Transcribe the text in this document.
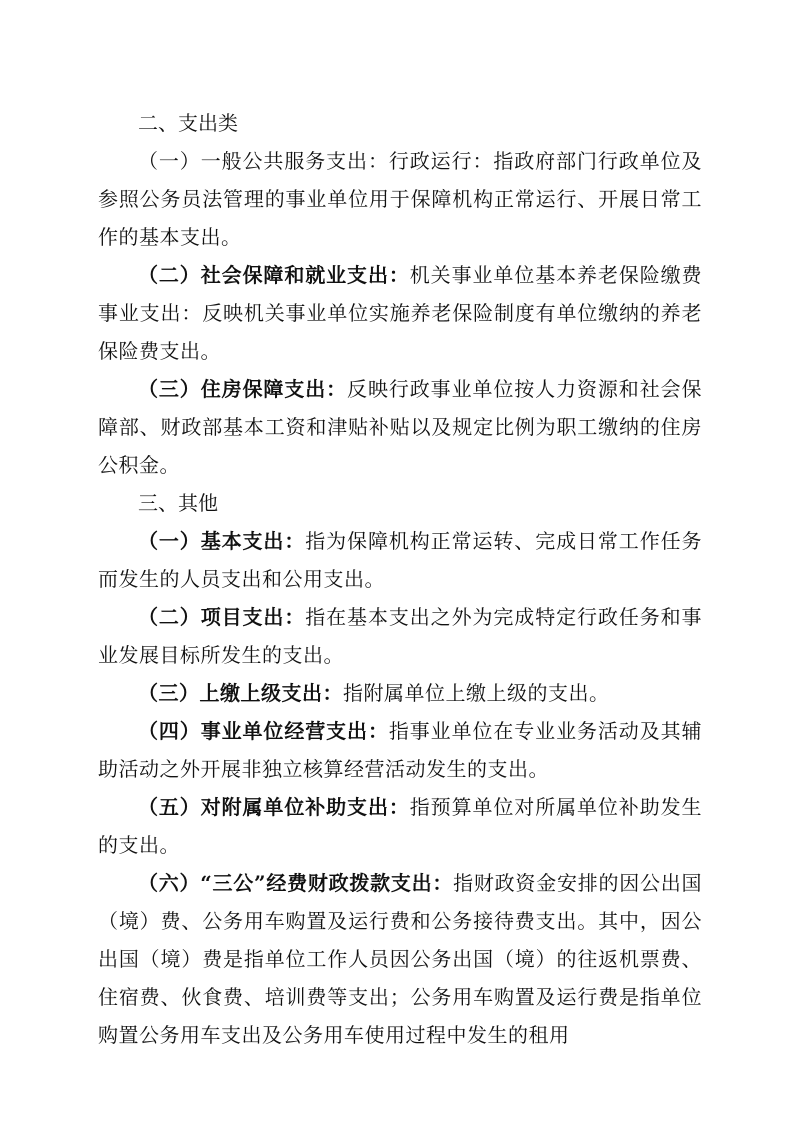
二、支出类

（一）一般公共服务支出：行政运行：指政府部门行政单位及参照公务员法管理的事业单位用于保障机构正常运行、开展日常工作的基本支出。

（二）社会保障和就业支出：机关事业单位基本养老保险缴费事业支出：反映机关事业单位实施养老保险制度有单位缴纳的养老保险费支出。

（三）住房保障支出：反映行政事业单位按人力资源和社会保障部、财政部基本工资和津贴补贴以及规定比例为职工缴纳的住房公积金。

三、其他

（一）基本支出：指为保障机构正常运转、完成日常工作任务而发生的人员支出和公用支出。

（二）项目支出：指在基本支出之外为完成特定行政任务和事业发展目标所发生的支出。

（三）上缴上级支出：指附属单位上缴上级的支出。

（四）事业单位经营支出：指事业单位在专业业务活动及其辅助活动之外开展非独立核算经营活动发生的支出。

（五）对附属单位补助支出：指预算单位对所属单位补助发生的支出。

（六）“三公”经费财政拨款支出：指财政资金安排的因公出国（境）费、公务用车购置及运行费和公务接待费支出。其中，因公出国（境）费是指单位工作人员因公务出国（境）的往返机票费、住宿费、伙食费、培训费等支出；公务用车购置及运行费是指单位购置公务用车支出及公务用车使用过程中发生的租用
